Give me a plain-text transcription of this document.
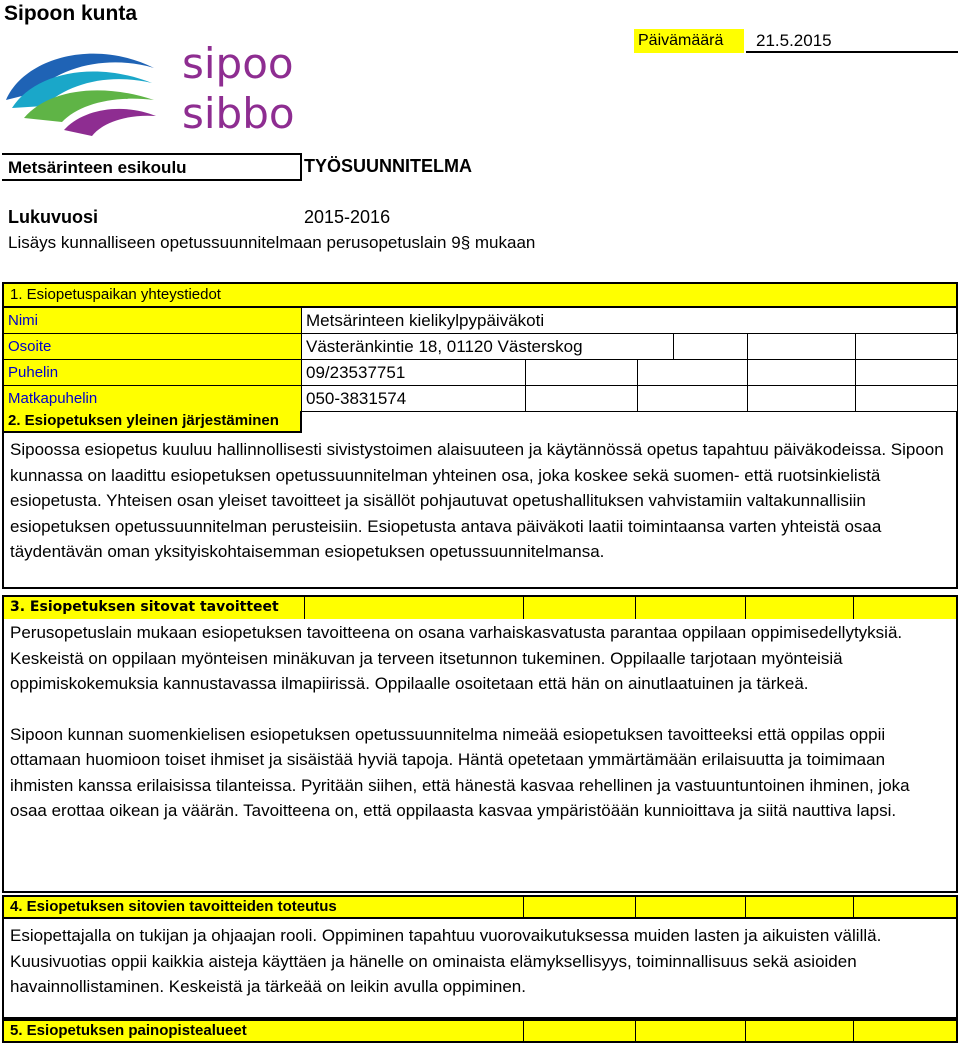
Sipoon kunta
sipoo
sibbo
Päivämäärä	21.5.2015
Metsärinteen esikoulu	TYÖSUUNNITELMA
Lukuvuosi	2015-2016
Lisäys kunnalliseen opetussuunnitelmaan perusopetuslain 9§ mukaan
1. Esiopetuspaikan yhteystiedot
Nimi	Metsärinteen kielikylpypäiväkoti
Osoite	Västeränkintie 18, 01120 Västerskog
Puhelin	09/23537751
Matkapuhelin	050-3831574
2. Esiopetuksen yleinen järjestäminen

Sipoossa esiopetus kuuluu hallinnollisesti sivistystoimen alaisuuteen ja käytännössä opetus tapahtuu päiväkodeissa. Sipoon kunnassa on laadittu esiopetuksen opetussuunnitelman yhteinen osa, joka koskee sekä suomen- että ruotsinkielistä esiopetusta. Yhteisen osan yleiset tavoitteet ja sisällöt pohjautuvat opetushallituksen vahvistamiin valtakunnallisiin esiopetuksen opetussuunnitelman perusteisiin. Esiopetusta antava päiväkoti laatii toimintaansa varten yhteistä osaa täydentävän oman yksityiskohtaisemman esiopetuksen opetussuunnitelmansa.

3. Esiopetuksen sitovat tavoitteet

Perusopetuslain mukaan esiopetuksen tavoitteena on osana varhaiskasvatusta parantaa oppilaan oppimisedellytyksiä. Keskeistä on oppilaan myönteisen minäkuvan ja terveen itsetunnon tukeminen. Oppilaalle tarjotaan myönteisiä oppimiskokemuksia kannustavassa ilmapiirissä. Oppilaalle osoitetaan että hän on ainutlaatuinen ja tärkeä.

Sipoon kunnan suomenkielisen esiopetuksen opetussuunnitelma nimeää esiopetuksen tavoitteeksi että oppilas oppii ottamaan huomioon toiset ihmiset ja sisäistää hyviä tapoja. Häntä opetetaan ymmärtämään erilaisuutta ja toimimaan ihmisten kanssa erilaisissa tilanteissa. Pyritään siihen, että hänestä kasvaa rehellinen ja vastuuntuntoinen ihminen, joka osaa erottaa oikean ja väärän. Tavoitteena on, että oppilaasta kasvaa ympäristöään kunnioittava ja siitä nauttiva lapsi.

4. Esiopetuksen sitovien tavoitteiden toteutus

Esiopettajalla on tukijan ja ohjaajan rooli. Oppiminen tapahtuu vuorovaikutuksessa muiden lasten ja aikuisten välillä. Kuusivuotias oppii kaikkia aisteja käyttäen ja hänelle on ominaista elämyksellisyys, toiminnallisuus sekä asioiden havainnollistaminen. Keskeistä ja tärkeää on leikin avulla oppiminen.

5. Esiopetuksen painopistealueet
